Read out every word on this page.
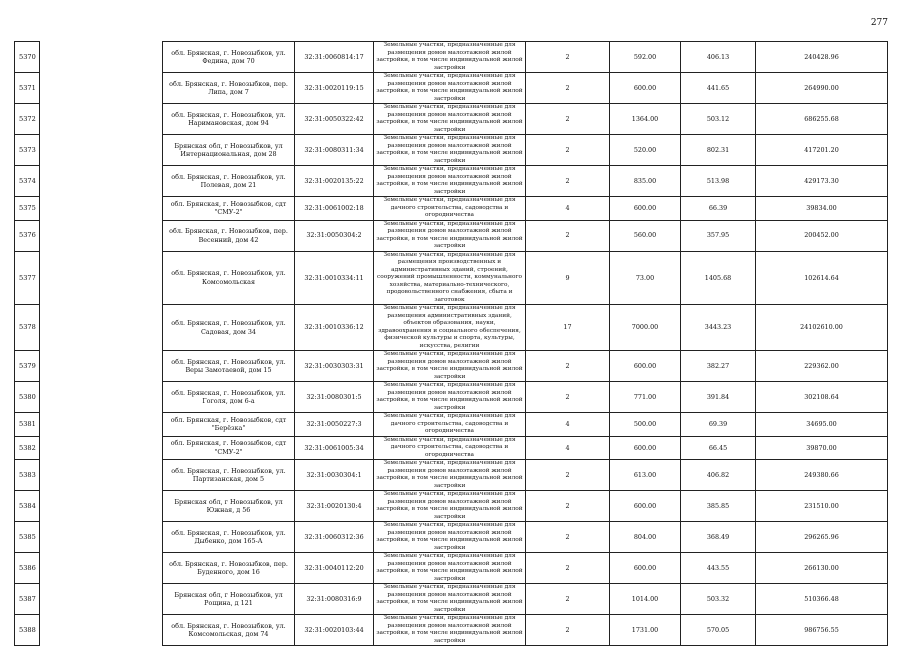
277
5370		обл. Брянская, г. Новозыбков, ул. Федина, дом 70	32:31:0060814:17	Земельные участки, предназначенные для размещения домов малоэтажной жилой застройки, в том числе индивидуальной жилой застройки	2	592.00	406.13	240428.96
5371		обл. Брянская, г. Новозыбков, пер. Липа, дом 7	32:31:0020119:15	Земельные участки, предназначенные для размещения домов малоэтажной жилой застройки, в том числе индивидуальной жилой застройки	2	600.00	441.65	264990.00
5372		обл. Брянская, г. Новозыбков, ул. Наримановская, дом 94	32:31:0050322:42	Земельные участки, предназначенные для размещения домов малоэтажной жилой застройки, в том числе индивидуальной жилой застройки	2	1364.00	503.12	686255.68
5373		Брянская обл, г Новозыбков, ул Интернациональная, дом 28	32:31:0080311:34	Земельные участки, предназначенные для размещения домов малоэтажной жилой застройки, в том числе индивидуальной жилой застройки	2	520.00	802.31	417201.20
5374		обл. Брянская, г. Новозыбков, ул. Полевая, дом 21	32:31:0020135:22	Земельные участки, предназначенные для размещения домов малоэтажной жилой застройки, в том числе индивидуальной жилой застройки	2	835.00	513.98	429173.30
5375		обл. Брянская, г. Новозыбков, сдт "СМУ-2"	32:31:0061002:18	Земельные участки, предназначенные для дачного строительства, садоводства и огородничества	4	600.00	66.39	39834.00
5376		обл. Брянская, г. Новозыбков, пер. Весенний, дом 42	32:31:0050304:2	Земельные участки, предназначенные для размещения домов малоэтажной жилой застройки, в том числе индивидуальной жилой застройки	2	560.00	357.95	200452.00
5377		обл. Брянская, г. Новозыбков, ул. Комсомольская	32:31:0010334:11	Земельные участки, предназначенные для размещения производственных и административных зданий, строений, сооружений промышленности, коммунального хозяйства, материально-технического, продовольственного снабжения, сбыта и заготовок	9	73.00	1405.68	102614.64
5378		обл. Брянская, г. Новозыбков, ул. Садовая, дом 34	32:31:0010336:12	Земельные участки, предназначенные для размещения административных зданий, объектов образования, науки, здравоохранения и социального обеспечения, физической культуры и спорта, культуры, искусства, религии	17	7000.00	3443.23	24102610.00
5379		обл. Брянская, г. Новозыбков, ул. Веры Замотаевой, дом 15	32:31:0030303:31	Земельные участки, предназначенные для размещения домов малоэтажной жилой застройки, в том числе индивидуальной жилой застройки	2	600.00	382.27	229362.00
5380		обл. Брянская, г. Новозыбков, ул. Гоголя, дом 6-а	32:31:0080301:5	Земельные участки, предназначенные для размещения домов малоэтажной жилой застройки, в том числе индивидуальной жилой застройки	2	771.00	391.84	302108.64
5381		обл. Брянская, г. Новозыбков, сдт "Берёзка"	32:31:0050227:3	Земельные участки, предназначенные для дачного строительства, садоводства и огородничества	4	500.00	69.39	34695.00
5382		обл. Брянская, г. Новозыбков, сдт "СМУ-2"	32:31:0061005:34	Земельные участки, предназначенные для дачного строительства, садоводства и огородничества	4	600.00	66.45	39870.00
5383		обл. Брянская, г. Новозыбков, ул. Партизанская, дом 5	32:31:0030304:1	Земельные участки, предназначенные для размещения домов малоэтажной жилой застройки, в том числе индивидуальной жилой застройки	2	613.00	406.82	249380.66
5384		Брянская обл, г Новозыбков, ул Южная, д 56	32:31:0020130:4	Земельные участки, предназначенные для размещения домов малоэтажной жилой застройки, в том числе индивидуальной жилой застройки	2	600.00	385.85	231510.00
5385		обл. Брянская, г. Новозыбков, ул. Дыбенко, дом 165-А	32:31:0060312:36	Земельные участки, предназначенные для размещения домов малоэтажной жилой застройки, в том числе индивидуальной жилой застройки	2	804.00	368.49	296265.96
5386		обл. Брянская, г. Новозыбков, пер. Буденного, дом 16	32:31:0040112:20	Земельные участки, предназначенные для размещения домов малоэтажной жилой застройки, в том числе индивидуальной жилой застройки	2	600.00	443.55	266130.00
5387		Брянская обл, г Новозыбков, ул Рощина, д 121	32:31:0080316:9	Земельные участки, предназначенные для размещения домов малоэтажной жилой застройки, в том числе индивидуальной жилой застройки	2	1014.00	503.32	510366.48
5388		обл. Брянская, г. Новозыбков, ул. Комсомольская, дом 74	32:31:0020103:44	Земельные участки, предназначенные для размещения домов малоэтажной жилой застройки, в том числе индивидуальной жилой застройки	2	1731.00	570.05	986756.55
